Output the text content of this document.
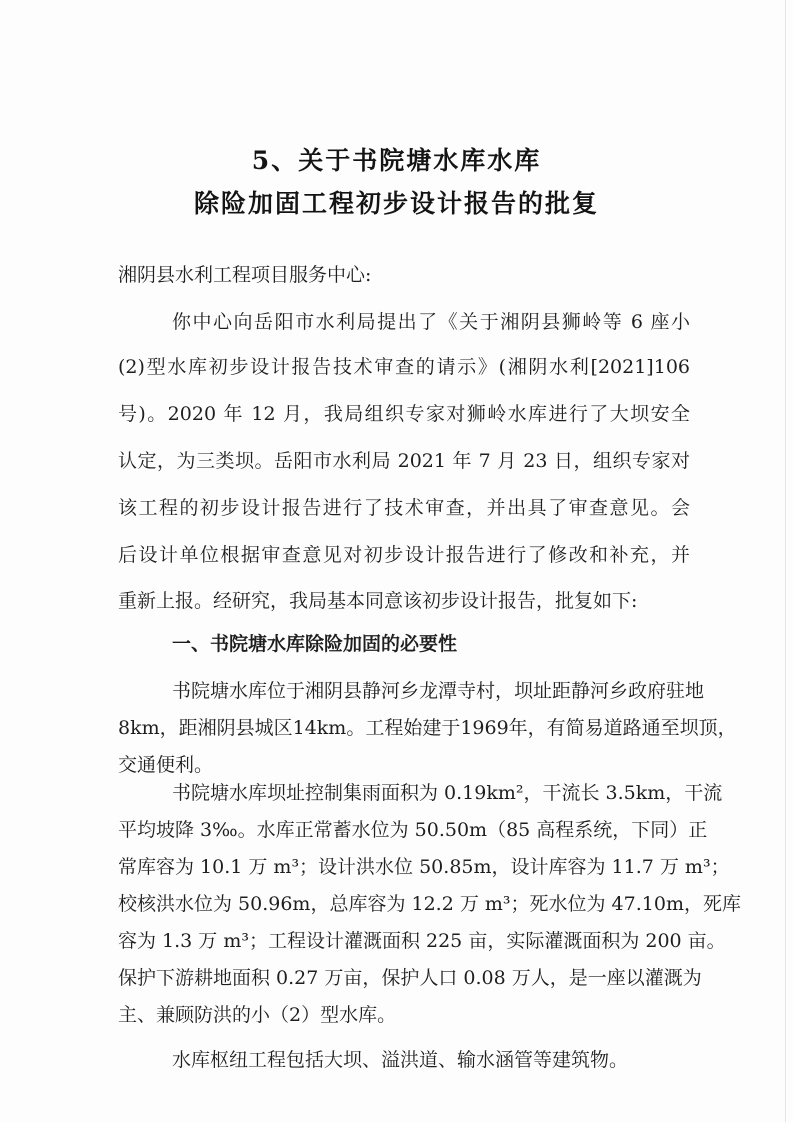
5、关于书院塘水库水库
除险加固工程初步设计报告的批复
湘阴县水利工程项目服务中心:
你中心向岳阳市水利局提出了《关于湘阴县狮岭等 6 座小
(2)型水库初步设计报告技术审查的请示》(湘阴水利[2021]106
号)。2020 年 12 月，我局组织专家对狮岭水库进行了大坝安全
认定，为三类坝。岳阳市水利局 2021 年 7 月 23 日，组织专家对
该工程的初步设计报告进行了技术审查，并出具了审查意见。会
后设计单位根据审查意见对初步设计报告进行了修改和补充，并
重新上报。经研究，我局基本同意该初步设计报告，批复如下:
一、书院塘水库除险加固的必要性
书院塘水库位于湘阴县静河乡龙潭寺村，坝址距静河乡政府驻地
8km，距湘阴县城区14km。工程始建于1969年，有简易道路通至坝顶，
交通便利。
书院塘水库坝址控制集雨面积为 0.19km²，干流长 3.5km，干流
平均坡降 3‰。水库正常蓄水位为 50.50m（85 高程系统，下同）正
常库容为 10.1 万 m³；设计洪水位 50.85m，设计库容为 11.7 万 m³；
校核洪水位为 50.96m，总库容为 12.2 万 m³；死水位为 47.10m，死库
容为 1.3 万 m³；工程设计灌溉面积 225 亩，实际灌溉面积为 200 亩。
保护下游耕地面积 0.27 万亩，保护人口 0.08 万人，是一座以灌溉为
主、兼顾防洪的小（2）型水库。
水库枢纽工程包括大坝、溢洪道、输水涵管等建筑物。
